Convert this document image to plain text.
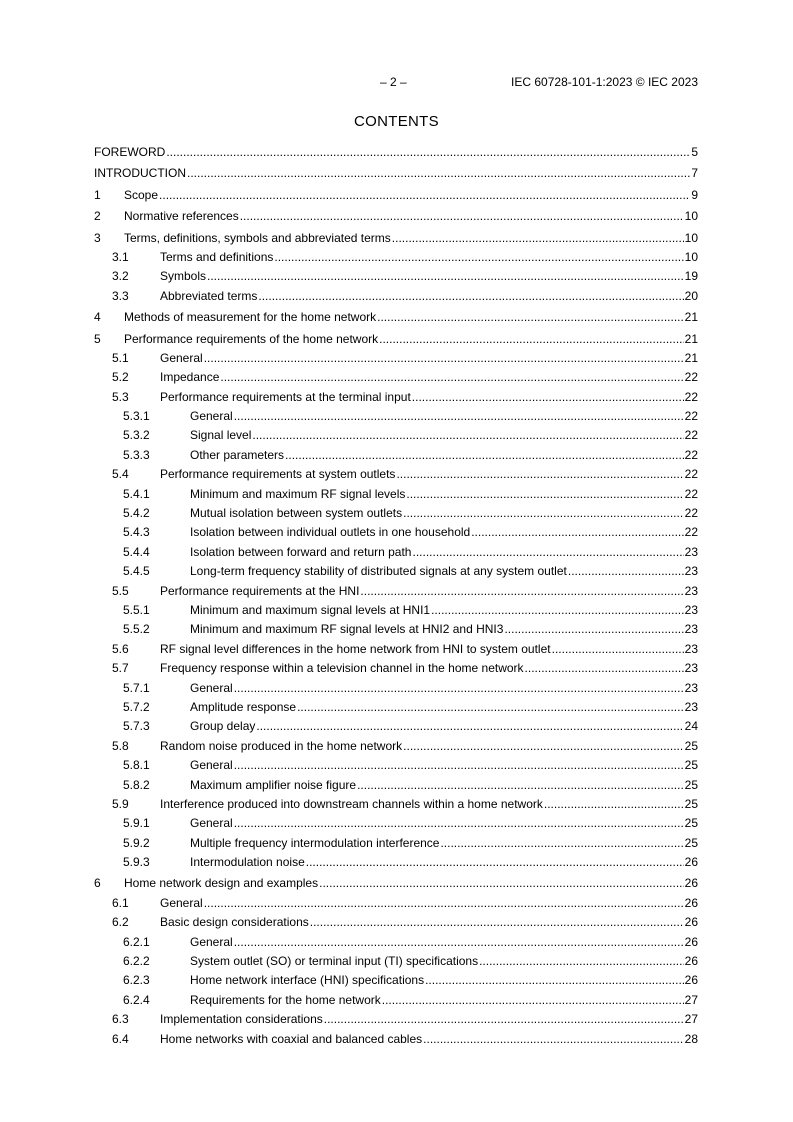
– 2 –	IEC 60728-101-1:2023 © IEC 2023
CONTENTS
FOREWORD .....	5
INTRODUCTION .....	7
1	Scope .....	9
2	Normative references .....	10
3	Terms, definitions, symbols and abbreviated terms .....	10
3.1	Terms and definitions .....	10
3.2	Symbols .....	19
3.3	Abbreviated terms .....	20
4	Methods of measurement for the home network .....	21
5	Performance requirements of the home network .....	21
5.1	General .....	21
5.2	Impedance .....	22
5.3	Performance requirements at the terminal input .....	22
5.3.1	General .....	22
5.3.2	Signal level .....	22
5.3.3	Other parameters .....	22
5.4	Performance requirements at system outlets .....	22
5.4.1	Minimum and maximum RF signal levels .....	22
5.4.2	Mutual isolation between system outlets .....	22
5.4.3	Isolation between individual outlets in one household .....	22
5.4.4	Isolation between forward and return path .....	23
5.4.5	Long-term frequency stability of distributed signals at any system outlet .....	23
5.5	Performance requirements at the HNI .....	23
5.5.1	Minimum and maximum signal levels at HNI1 .....	23
5.5.2	Minimum and maximum RF signal levels at HNI2 and HNI3 .....	23
5.6	RF signal level differences in the home network from HNI to system outlet .....	23
5.7	Frequency response within a television channel in the home network .....	23
5.7.1	General .....	23
5.7.2	Amplitude response .....	23
5.7.3	Group delay .....	24
5.8	Random noise produced in the home network .....	25
5.8.1	General .....	25
5.8.2	Maximum amplifier noise figure .....	25
5.9	Interference produced into downstream channels within a home network .....	25
5.9.1	General .....	25
5.9.2	Multiple frequency intermodulation interference .....	25
5.9.3	Intermodulation noise .....	26
6	Home network design and examples .....	26
6.1	General .....	26
6.2	Basic design considerations .....	26
6.2.1	General .....	26
6.2.2	System outlet (SO) or terminal input (TI) specifications .....	26
6.2.3	Home network interface (HNI) specifications .....	26
6.2.4	Requirements for the home network .....	27
6.3	Implementation considerations .....	27
6.4	Home networks with coaxial and balanced cables .....	28
